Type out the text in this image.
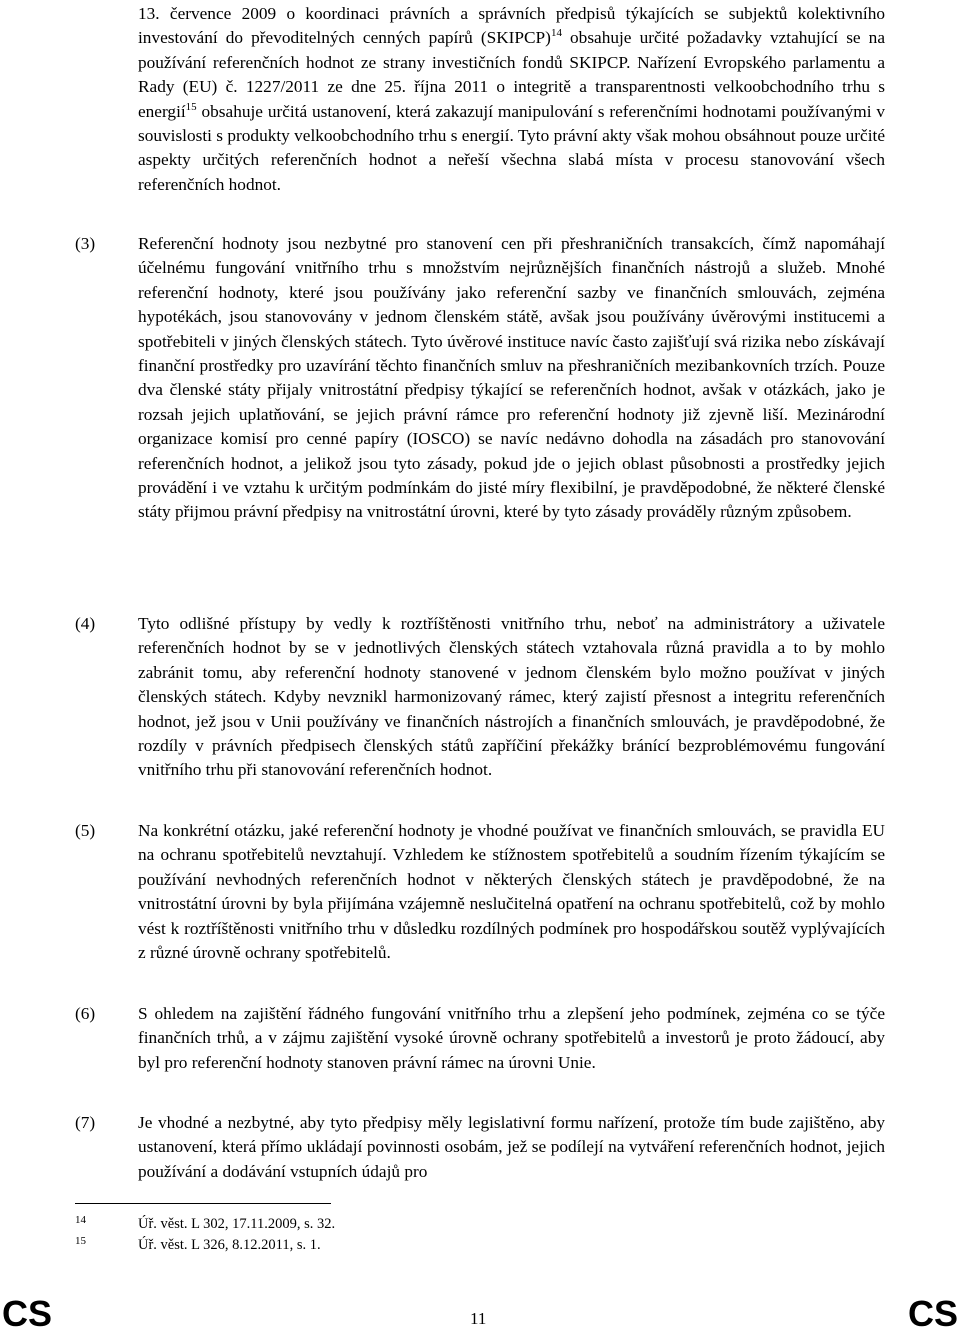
13. července 2009 o koordinaci právních a správních předpisů týkajících se subjektů kolektivního investování do převoditelných cenných papírů (SKIPCP)$^{14}$ obsahuje určité požadavky vztahující se na používání referenčních hodnot ze strany investičních fondů SKIPCP. Nařízení Evropského parlamentu a Rady (EU) č. 1227/2011 ze dne 25. října 2011 o integritě a transparentnosti velkoobchodního trhu s energií$^{15}$ obsahuje určitá ustanovení, která zakazují manipulování s referenčními hodnotami používanými v souvislosti s produkty velkoobchodního trhu s energií. Tyto právní akty však mohou obsáhnout pouze určité aspekty určitých referenčních hodnot a neřeší všechna slabá místa v procesu stanovování všech referenčních hodnot.

(3) Referenční hodnoty jsou nezbytné pro stanovení cen při přeshraničních transakcích, čímž napomáhají účelnému fungování vnitřního trhu s množstvím nejrůznějších finančních nástrojů a služeb. Mnohé referenční hodnoty, které jsou používány jako referenční sazby ve finančních smlouvách, zejména hypotékách, jsou stanovovány v jednom členském státě, avšak jsou používány úvěrovými institucemi a spotřebiteli v jiných členských státech. Tyto úvěrové instituce navíc často zajišťují svá rizika nebo získávají finanční prostředky pro uzavírání těchto finančních smluv na přeshraničních mezibankovních trzích. Pouze dva členské státy přijaly vnitrostátní předpisy týkající se referenčních hodnot, avšak v otázkách, jako je rozsah jejich uplatňování, se jejich právní rámce pro referenční hodnoty již zjevně liší. Mezinárodní organizace komisí pro cenné papíry (IOSCO) se navíc nedávno dohodla na zásadách pro stanovování referenčních hodnot, a jelikož jsou tyto zásady, pokud jde o jejich oblast působnosti a prostředky jejich provádění i ve vztahu k určitým podmínkám do jisté míry flexibilní, je pravděpodobné, že některé členské státy přijmou právní předpisy na vnitrostátní úrovni, které by tyto zásady prováděly různým způsobem.

(4) Tyto odlišné přístupy by vedly k roztříštěnosti vnitřního trhu, neboť na administrátory a uživatele referenčních hodnot by se v jednotlivých členských státech vztahovala různá pravidla a to by mohlo zabránit tomu, aby referenční hodnoty stanovené v jednom členském bylo možno používat v jiných členských státech. Kdyby nevznikl harmonizovaný rámec, který zajistí přesnost a integritu referenčních hodnot, jež jsou v Unii používány ve finančních nástrojích a finančních smlouvách, je pravděpodobné, že rozdíly v právních předpisech členských států zapříčiní překážky bránící bezproblémovému fungování vnitřního trhu při stanovování referenčních hodnot.

(5) Na konkrétní otázku, jaké referenční hodnoty je vhodné používat ve finančních smlouvách, se pravidla EU na ochranu spotřebitelů nevztahují. Vzhledem ke stížnostem spotřebitelů a soudním řízením týkajícím se používání nevhodných referenčních hodnot v některých členských státech je pravděpodobné, že na vnitrostátní úrovni by byla přijímána vzájemně neslučitelná opatření na ochranu spotřebitelů, což by mohlo vést k roztříštěnosti vnitřního trhu v důsledku rozdílných podmínek pro hospodářskou soutěž vyplývajících z různé úrovně ochrany spotřebitelů.

(6) S ohledem na zajištění řádného fungování vnitřního trhu a zlepšení jeho podmínek, zejména co se týče finančních trhů, a v zájmu zajištění vysoké úrovně ochrany spotřebitelů a investorů je proto žádoucí, aby byl pro referenční hodnoty stanoven právní rámec na úrovni Unie.

(7) Je vhodné a nezbytné, aby tyto předpisy měly legislativní formu nařízení, protože tím bude zajištěno, aby ustanovení, která přímo ukládají povinnosti osobám, jež se podílejí na vytváření referenčních hodnot, jejich používání a dodávání vstupních údajů pro

14	Úř. věst. L 302, 17.11.2009, s. 32.
15	Úř. věst. L 326, 8.12.2011, s. 1.
CS	11	CS
